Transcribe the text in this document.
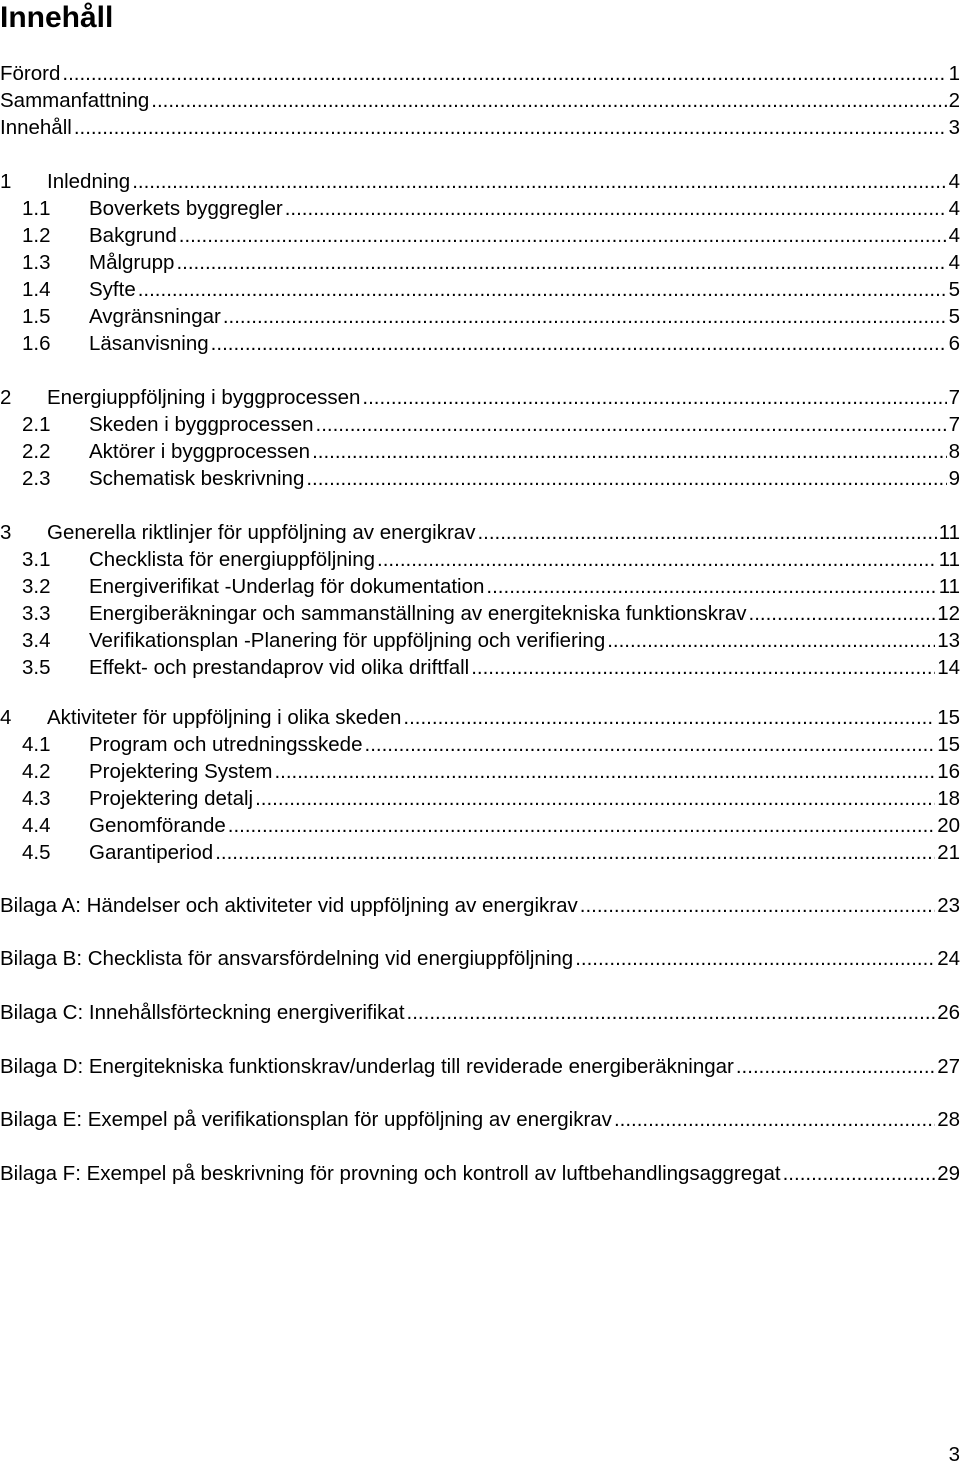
Innehåll
Förord .....	1
Sammanfattning .....	2
Innehåll .....	3
1 Inledning .....	4
1.1 Boverkets byggregler .....	4
1.2 Bakgrund .....	4
1.3 Målgrupp .....	4
1.4 Syfte .....	5
1.5 Avgränsningar .....	5
1.6 Läsanvisning .....	6
2 Energiuppföljning i byggprocessen .....	7
2.1 Skeden i byggprocessen .....	7
2.2 Aktörer i byggprocessen .....	8
2.3 Schematisk beskrivning .....	9
3 Generella riktlinjer för uppföljning av energikrav .....	11
3.1 Checklista för energiuppföljning .....	11
3.2 Energiverifikat -Underlag för dokumentation .....	11
3.3 Energiberäkningar och sammanställning av energitekniska funktionskrav .....	12
3.4 Verifikationsplan -Planering för uppföljning och verifiering .....	13
3.5 Effekt- och prestandaprov vid olika driftfall .....	14
4 Aktiviteter för uppföljning i olika skeden .....	15
4.1 Program och utredningsskede .....	15
4.2 Projektering System .....	16
4.3 Projektering detalj .....	18
4.4 Genomförande .....	20
4.5 Garantiperiod .....	21
Bilaga A: Händelser och aktiviteter vid uppföljning av energikrav .....	23
Bilaga B: Checklista för ansvarsfördelning vid energiuppföljning .....	24
Bilaga C: Innehållsförteckning energiverifikat .....	26
Bilaga D: Energitekniska funktionskrav/underlag till reviderade energiberäkningar .....	27
Bilaga E: Exempel på verifikationsplan för uppföljning av energikrav .....	28
Bilaga F: Exempel på beskrivning för provning och kontroll av luftbehandlingsaggregat .....	29
3
